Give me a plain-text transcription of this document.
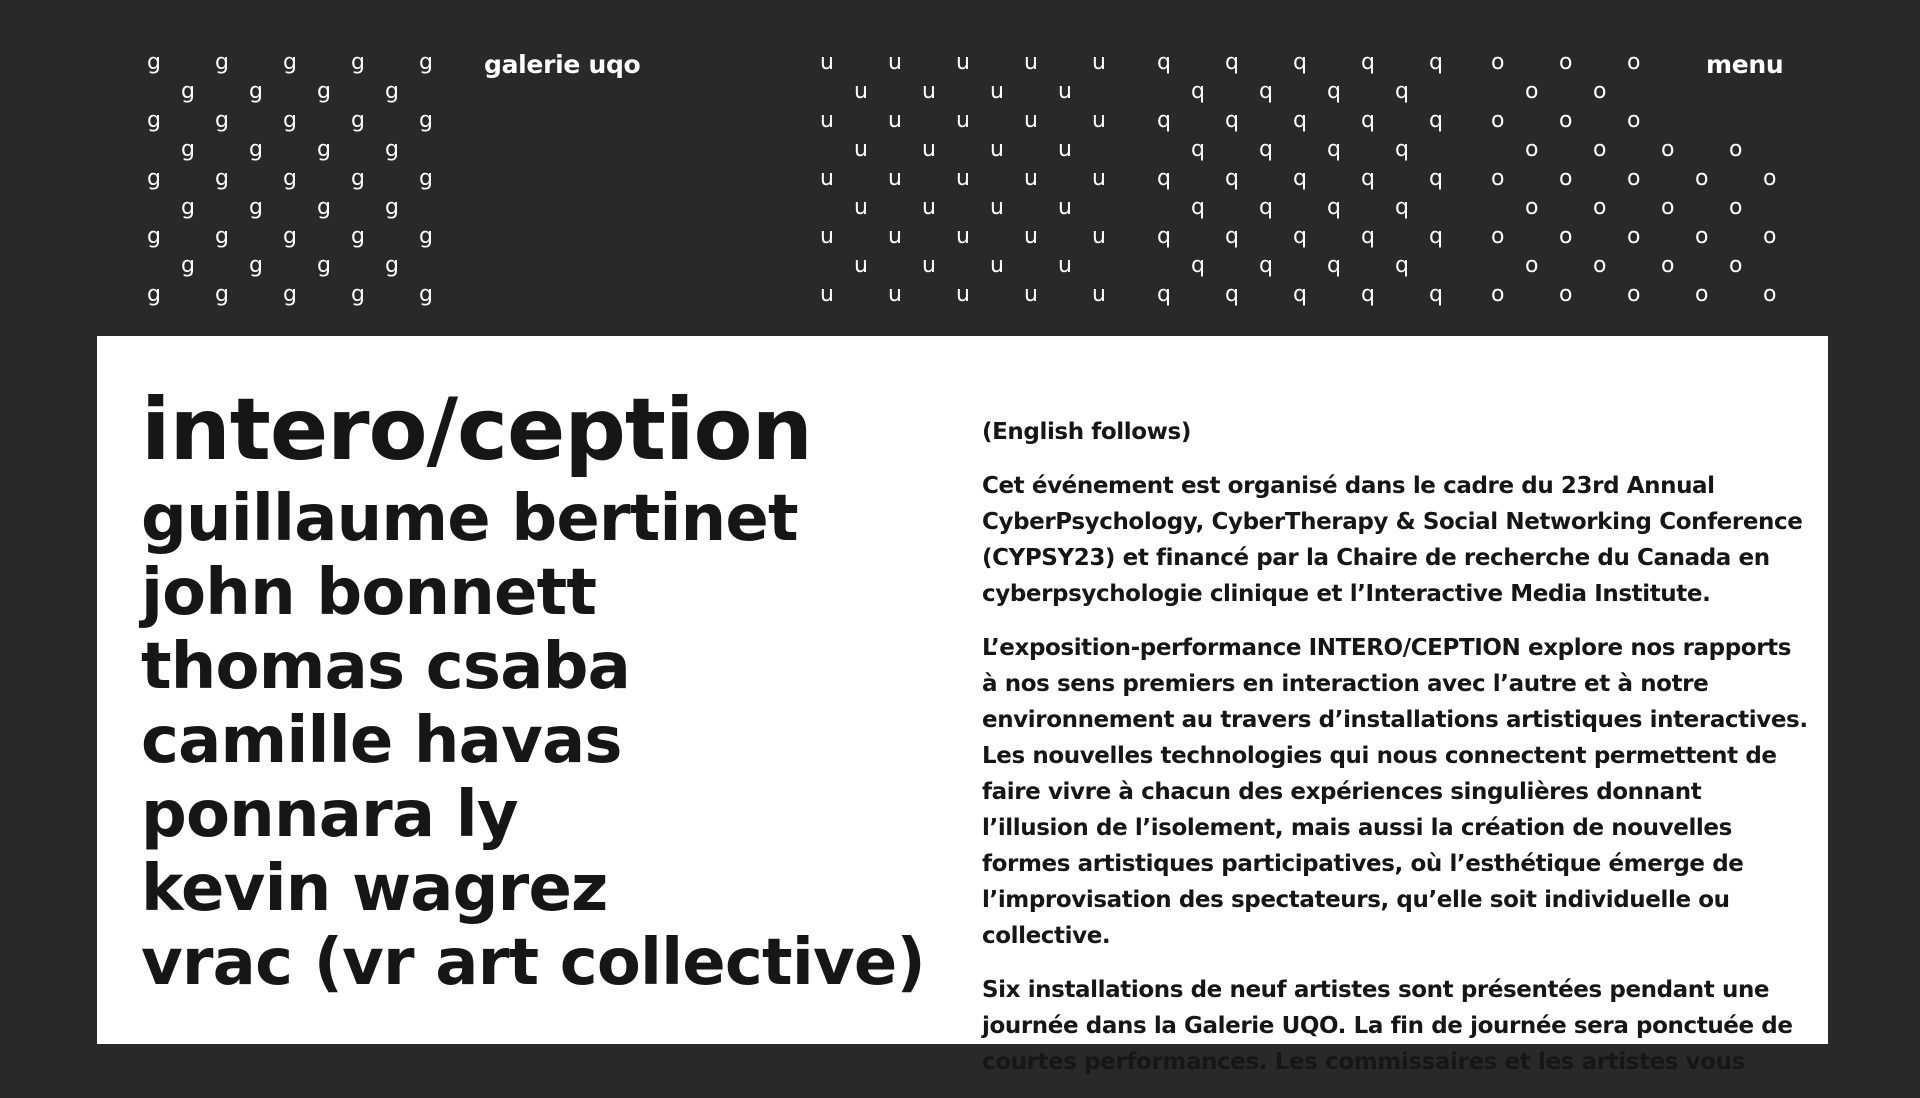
g g g g g
g g g g
g g g g g
g g g g
g g g g g
g g g g
g g g g g
g g g g
g g g g g
u u u u u
u u u u
u u u u u
u u u u
u u u u u
u u u u
u u u u u
u u u u
u u u u u
q q q q q
q q q q
q q q q q
q q q q
q q q q q
q q q q
q q q q q
q q q q
q q q q q
o o o
o o
o o o
o o o o
o o o o o
o o o o
o o o o o
o o o o
o o o o o
galerie uqo	menu
intero/ception
guillaume bertinet
john bonnett
thomas csaba
camille havas
ponnara ly
kevin wagrez
vrac (vr art collective)

(English follows)

Cet événement est organisé dans le cadre du 23rd Annual CyberPsychology, CyberTherapy & Social Networking Conference (CYPSY23) et financé par la Chaire de recherche du Canada en cyberpsychologie clinique et l’Interactive Media Institute.

L’exposition-performance INTERO/CEPTION explore nos rapports à nos sens premiers en interaction avec l’autre et à notre environnement au travers d’installations artistiques interactives. Les nouvelles technologies qui nous connectent permettent de faire vivre à chacun des expériences singulières donnant l’illusion de l’isolement, mais aussi la création de nouvelles formes artistiques participatives, où l’esthétique émerge de l’improvisation des spectateurs, qu’elle soit individuelle ou collective.

Six installations de neuf artistes sont présentées pendant une journée dans la Galerie UQO. La fin de journée sera ponctuée de courtes performances. Les commissaires et les artistes vous
